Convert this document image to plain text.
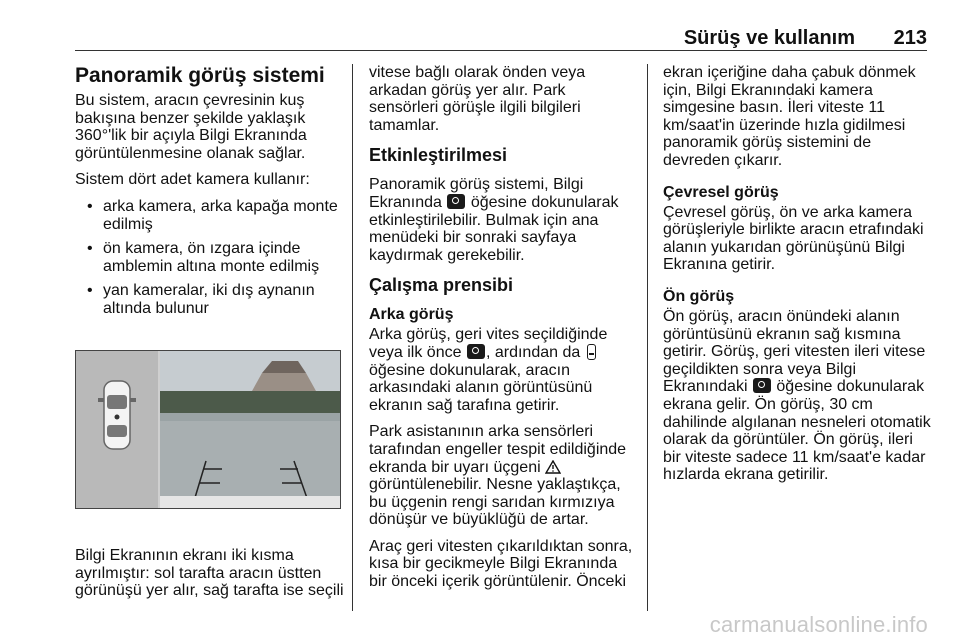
Sürüş ve kullanım 213
Panoramik görüş sistemi

Bu sistem, aracın çevresinin kuş bakışına benzer şekilde yaklaşık 360°'lik bir açıyla Bilgi Ekranında görüntülenmesine olanak sağlar.

Sistem dört adet kamera kullanır:

• arka kamera, arka kapağa monte edilmiş
• ön kamera, ön ızgara içinde amblemin altına monte edilmiş
• yan kameralar, iki dış aynanın altında bulunur

Bilgi Ekranının ekranı iki kısma ayrılmıştır: sol tarafta aracın üstten görünüşü yer alır, sağ tarafta ise seçili

vitese bağlı olarak önden veya arkadan görüş yer alır. Park sensörleri görüşle ilgili bilgileri tamamlar.

Etkinleştirilmesi

Panoramik görüş sistemi, Bilgi Ekranında öğesine dokunularak etkinleştirilebilir. Bulmak için ana menüdeki bir sonraki sayfaya kaydırmak gerekebilir.

Çalışma prensibi
Arka görüş

Arka görüş, geri vites seçildiğinde veya ilk önce , ardından da  öğesine dokunularak, aracın arkasındaki alanın görüntüsünü ekranın sağ tarafına getirir.

Park asistanının arka sensörleri tarafından engeller tespit edildiğinde ekranda bir uyarı üçgeni  görüntülenebilir. Nesne yaklaştıkça, bu üçgenin rengi sarıdan kırmızıya dönüşür ve büyüklüğü de artar.

Araç geri vitesten çıkarıldıktan sonra, kısa bir gecikmeyle Bilgi Ekranında bir önceki içerik görüntülenir. Önceki

ekran içeriğine daha çabuk dönmek için, Bilgi Ekranındaki kamera simgesine basın. İleri viteste 11 km/saat'in üzerinde hızla gidilmesi panoramik görüş sistemini de devreden çıkarır.

Çevresel görüş

Çevresel görüş, ön ve arka kamera görüşleriyle birlikte aracın etrafındaki alanın yukarıdan görünüşünü Bilgi Ekranına getirir.

Ön görüş

Ön görüş, aracın önündeki alanın görüntüsünü ekranın sağ kısmına getirir. Görüş, geri vitesten ileri vitese geçildikten sonra veya Bilgi Ekranındaki öğesine dokunularak ekrana gelir. Ön görüş, 30 cm dahilinde algılanan nesneleri otomatik olarak da görüntüler. Ön görüş, ileri bir viteste sadece 11 km/saat'e kadar hızlarda ekrana getirilir.

carmanualsonline.info
